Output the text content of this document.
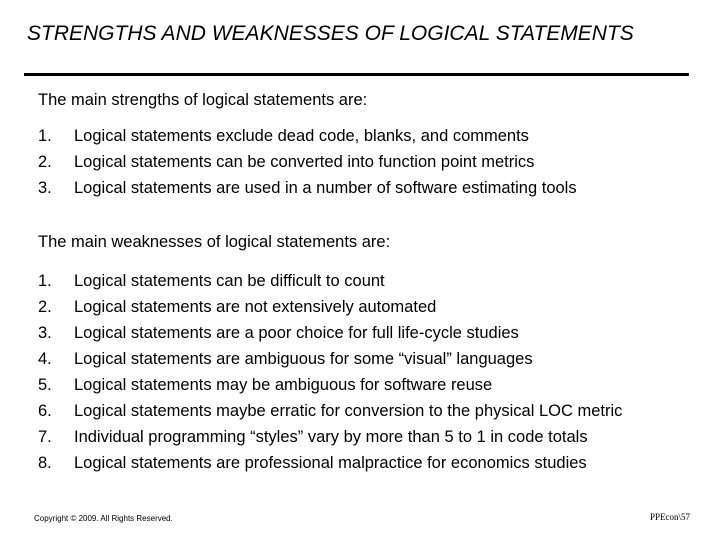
STRENGTHS AND WEAKNESSES OF LOGICAL STATEMENTS
The main strengths of logical statements are:
1.	Logical statements exclude dead code, blanks, and comments
2.	Logical statements can be converted into function point metrics
3.	Logical statements are used in a number of software estimating tools
The main weaknesses of logical statements are:
1.	Logical statements can be difficult to count
2.	Logical statements are not extensively automated
3.	Logical statements are a poor choice for full life-cycle studies
4.	Logical statements are ambiguous for some “visual” languages
5.	Logical statements may be ambiguous for software reuse
6.	Logical statements maybe erratic for conversion to the physical LOC metric
7.	Individual programming “styles” vary by more than 5 to 1 in code totals
8.	Logical statements are professional malpractice for economics studies
Copyright © 2009. All Rights Reserved.	PPEcon\57
